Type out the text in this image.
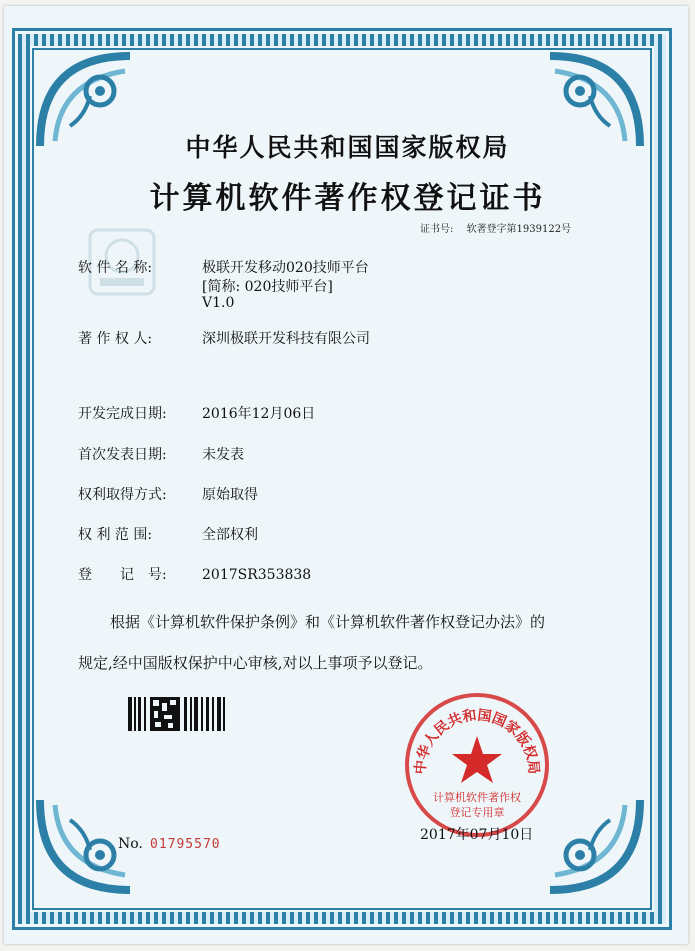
中华人民共和国国家版权局
计算机软件著作权登记证书
证书号: 软著登字第1939122号
软 件 名 称:	极联开发移动020技师平台
[简称: 020技师平台]
V1.0
著 作 权 人:	深圳极联开发科技有限公司
开发完成日期:	2016年12月06日
首次发表日期:	未发表
权利取得方式:	原始取得
权 利 范 围:	全部权利
登　　记　号:	2017SR353838
根据《计算机软件保护条例》和《计算机软件著作权登记办法》的
规定,经中国版权保护中心审核,对以上事项予以登记。
中华人民共和国国家版权局
计算机软件著作权
登记专用章
2017年07月10日
No. 01795570
